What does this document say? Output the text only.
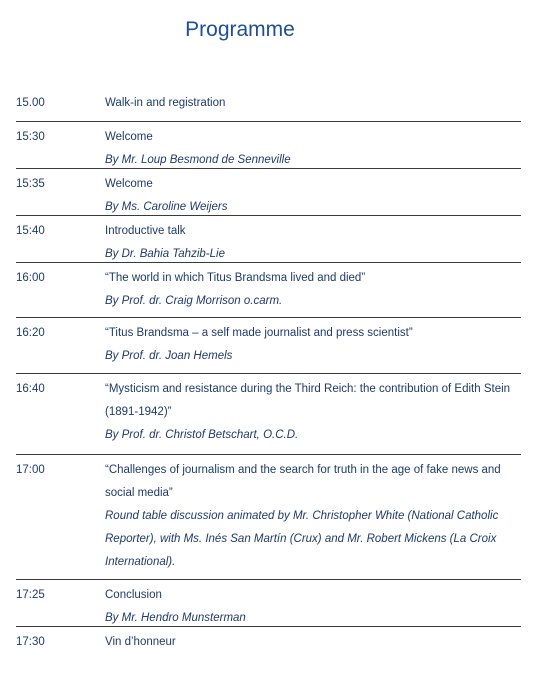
Programme
15.00	Walk-in and registration
15:30	Welcome
By Mr. Loup Besmond de Senneville
15:35	Welcome
By Ms. Caroline Weijers
15:40	Introductive talk
By Dr. Bahia Tahzib-Lie
16:00	“The world in which Titus Brandsma lived and died”
By Prof. dr. Craig Morrison o.carm.
16:20	“Titus Brandsma – a self made journalist and press scientist”
By Prof. dr. Joan Hemels
16:40	“Mysticism and resistance during the Third Reich: the contribution of Edith Stein
(1891-1942)”
By Prof. dr. Christof Betschart, O.C.D.
17:00	“Challenges of journalism and the search for truth in the age of fake news and
social media”
Round table discussion animated by Mr. Christopher White (National Catholic
Reporter), with Ms. Inés San Martín (Crux) and Mr. Robert Mickens (La Croix
International).
17:25	Conclusion
By Mr. Hendro Munsterman
17:30	Vin d’honneur
